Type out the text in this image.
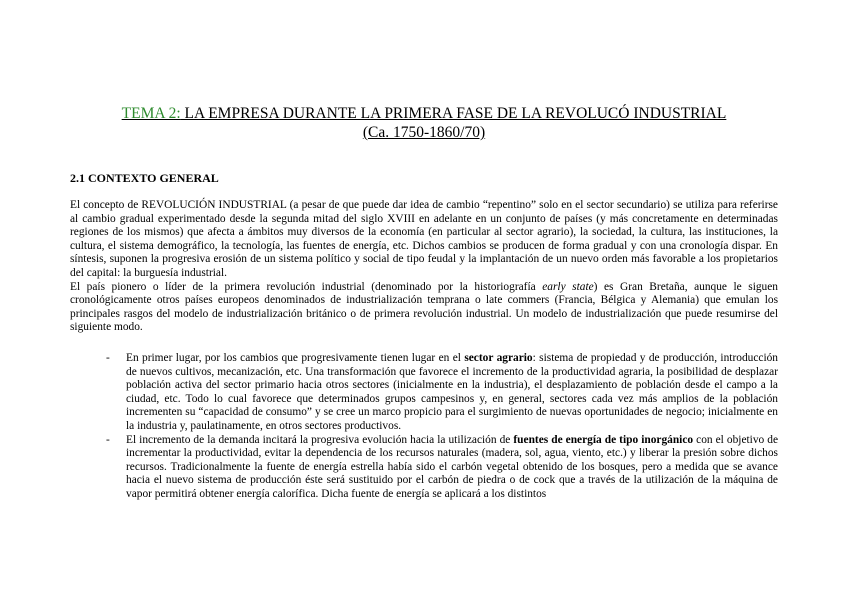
TEMA 2: LA EMPRESA DURANTE LA PRIMERA FASE DE LA REVOLUCÓ INDUSTRIAL
(Ca. 1750-1860/70)
2.1 CONTEXTO GENERAL

El concepto de REVOLUCIÓN INDUSTRIAL (a pesar de que puede dar idea de cambio “repentino” solo en el sector secundario) se utiliza para referirse al cambio gradual experimentado desde la segunda mitad del siglo XVIII en adelante en un conjunto de países (y más concretamente en determinadas regiones de los mismos) que afecta a ámbitos muy diversos de la economía (en particular al sector agrario), la sociedad, la cultura, las instituciones, la cultura, el sistema demográfico, la tecnología, las fuentes de energía, etc. Dichos cambios se producen de forma gradual y con una cronología dispar. En síntesis, suponen la progresiva erosión de un sistema político y social de tipo feudal y la implantación de un nuevo orden más favorable a los propietarios del capital: la burguesía industrial.

El país pionero o líder de la primera revolución industrial (denominado por la historiografía early state) es Gran Bretaña, aunque le siguen cronológicamente otros países europeos denominados de industrialización temprana o late commers (Francia, Bélgica y Alemania) que emulan los principales rasgos del modelo de industrialización británico o de primera revolución industrial. Un modelo de industrialización que puede resumirse del siguiente modo.

- En primer lugar, por los cambios que progresivamente tienen lugar en el sector agrario: sistema de propiedad y de producción, introducción de nuevos cultivos, mecanización, etc. Una transformación que favorece el incremento de la productividad agraria, la posibilidad de desplazar población activa del sector primario hacia otros sectores (inicialmente en la industria), el desplazamiento de población desde el campo a la ciudad, etc. Todo lo cual favorece que determinados grupos campesinos y, en general, sectores cada vez más amplios de la población incrementen su “capacidad de consumo” y se cree un marco propicio para el surgimiento de nuevas oportunidades de negocio; inicialmente en la industria y, paulatinamente, en otros sectores productivos.
- El incremento de la demanda incitará la progresiva evolución hacia la utilización de fuentes de energía de tipo inorgánico con el objetivo de incrementar la productividad, evitar la dependencia de los recursos naturales (madera, sol, agua, viento, etc.) y liberar la presión sobre dichos recursos. Tradicionalmente la fuente de energía estrella había sido el carbón vegetal obtenido de los bosques, pero a medida que se avance hacia el nuevo sistema de producción éste será sustituido por el carbón de piedra o de cock que a través de la utilización de la máquina de vapor permitirá obtener energía calorífica. Dicha fuente de energía se aplicará a los distintos
